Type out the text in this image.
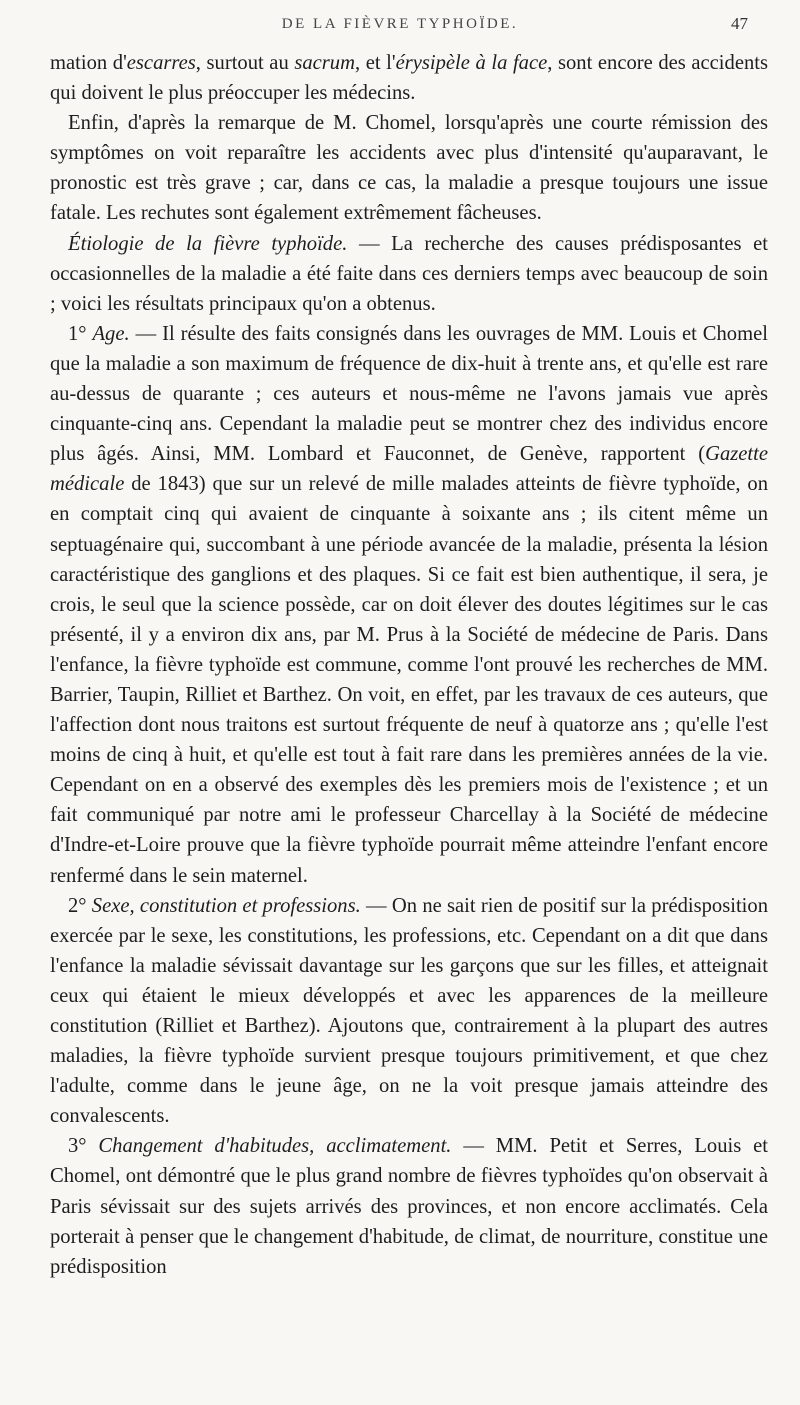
DE LA FIÈVRE TYPHOÏDE.	47

mation d'escarres, surtout au sacrum, et l'érysipèle à la face, sont encore des accidents qui doivent le plus préoccuper les médecins.

Enfin, d'après la remarque de M. Chomel, lorsqu'après une courte rémission des symptômes on voit reparaître les accidents avec plus d'intensité qu'auparavant, le pronostic est très grave ; car, dans ce cas, la maladie a presque toujours une issue fatale. Les rechutes sont également extrêmement fâcheuses.

Étiologie de la fièvre typhoïde. — La recherche des causes prédisposantes et occasionnelles de la maladie a été faite dans ces derniers temps avec beaucoup de soin ; voici les résultats principaux qu'on a obtenus.

1° Age. — Il résulte des faits consignés dans les ouvrages de MM. Louis et Chomel que la maladie a son maximum de fréquence de dix-huit à trente ans, et qu'elle est rare au-dessus de quarante ; ces auteurs et nous-même ne l'avons jamais vue après cinquante-cinq ans. Cependant la maladie peut se montrer chez des individus encore plus âgés. Ainsi, MM. Lombard et Fauconnet, de Genève, rapportent (Gazette médicale de 1843) que sur un relevé de mille malades atteints de fièvre typhoïde, on en comptait cinq qui avaient de cinquante à soixante ans ; ils citent même un septuagénaire qui, succombant à une période avancée de la maladie, présenta la lésion caractéristique des ganglions et des plaques. Si ce fait est bien authentique, il sera, je crois, le seul que la science possède, car on doit élever des doutes légitimes sur le cas présenté, il y a environ dix ans, par M. Prus à la Société de médecine de Paris. Dans l'enfance, la fièvre typhoïde est commune, comme l'ont prouvé les recherches de MM. Barrier, Taupin, Rilliet et Barthez. On voit, en effet, par les travaux de ces auteurs, que l'affection dont nous traitons est surtout fréquente de neuf à quatorze ans ; qu'elle l'est moins de cinq à huit, et qu'elle est tout à fait rare dans les premières années de la vie. Cependant on en a observé des exemples dès les premiers mois de l'existence ; et un fait communiqué par notre ami le professeur Charcellay à la Société de médecine d'Indre-et-Loire prouve que la fièvre typhoïde pourrait même atteindre l'enfant encore renfermé dans le sein maternel.

2° Sexe, constitution et professions. — On ne sait rien de positif sur la prédisposition exercée par le sexe, les constitutions, les professions, etc. Cependant on a dit que dans l'enfance la maladie sévissait davantage sur les garçons que sur les filles, et atteignait ceux qui étaient le mieux développés et avec les apparences de la meilleure constitution (Rilliet et Barthez). Ajoutons que, contrairement à la plupart des autres maladies, la fièvre typhoïde survient presque toujours primitivement, et que chez l'adulte, comme dans le jeune âge, on ne la voit presque jamais atteindre des convalescents.

3° Changement d'habitudes, acclimatement. — MM. Petit et Serres, Louis et Chomel, ont démontré que le plus grand nombre de fièvres typhoïdes qu'on observait à Paris sévissait sur des sujets arrivés des provinces, et non encore acclimatés. Cela porterait à penser que le changement d'habitude, de climat, de nourriture, constitue une prédisposition
